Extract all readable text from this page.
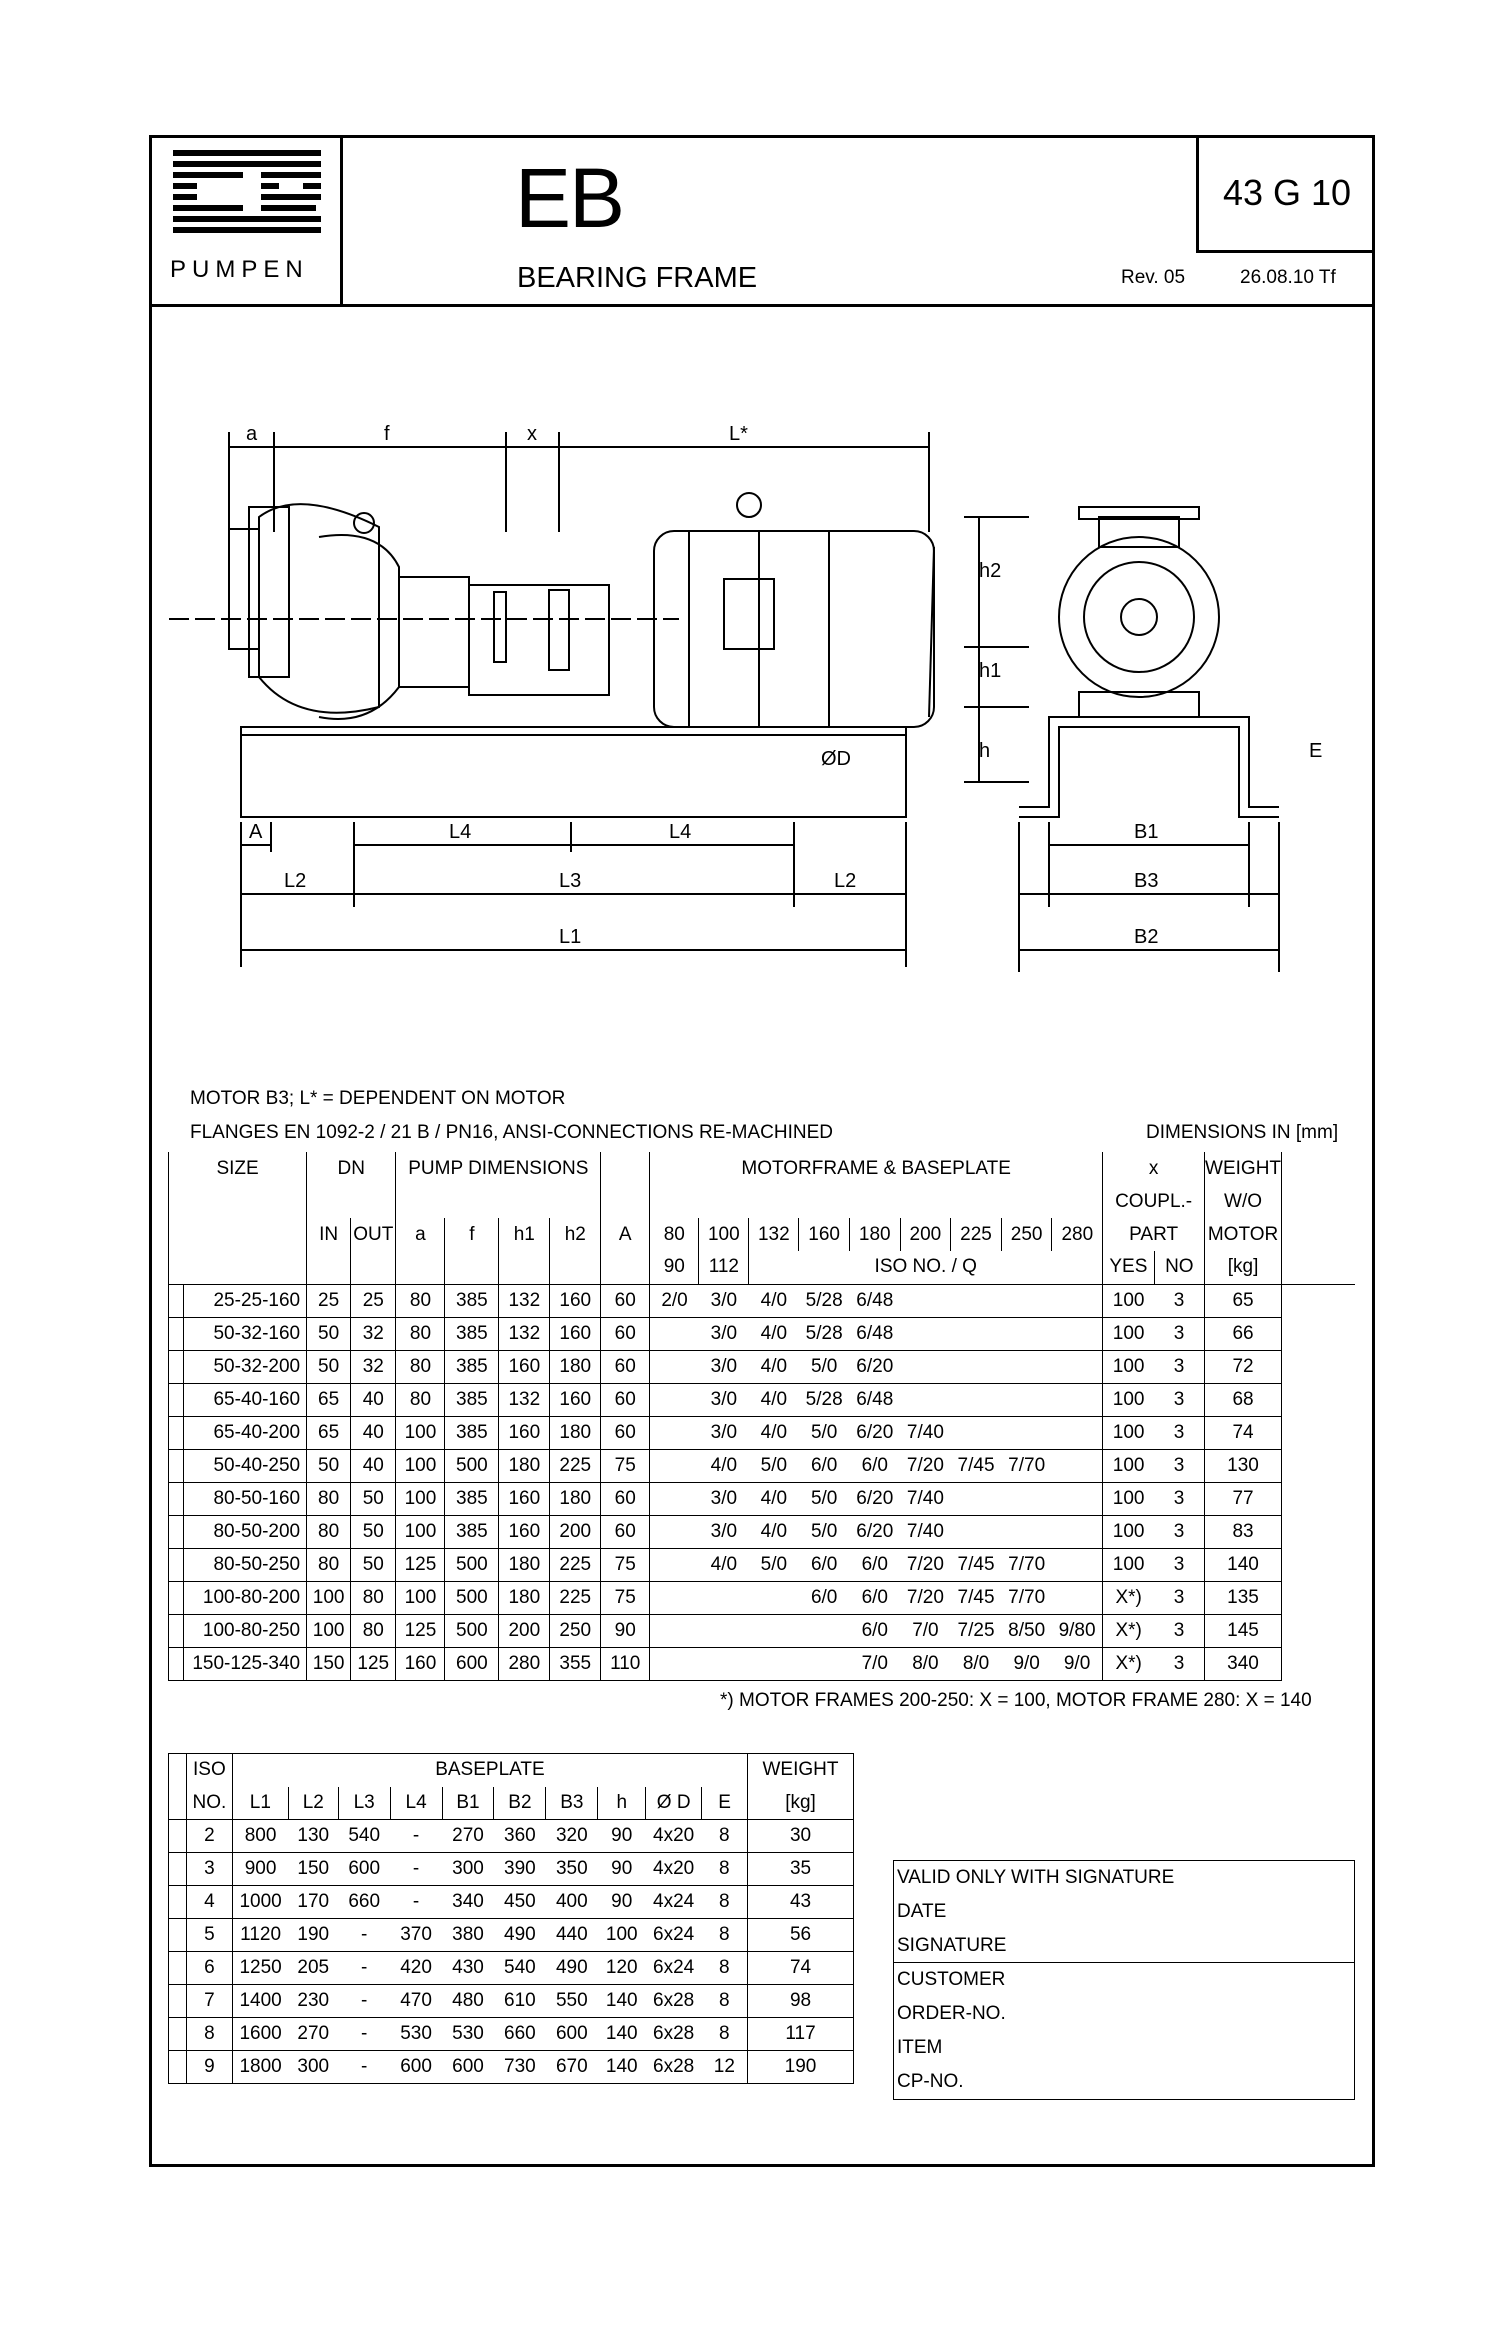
PUMPEN
EB
BEARING FRAME
43 G 10
Rev. 05	26.08.10 Tf
a	f	x	L*
A	L4	L4
L2	L3	L2
L1
ØD
h2
h1
h
B1
B3
B2
E
MOTOR B3; L* = DEPENDENT ON MOTOR
FLANGES EN 1092-2 / 21 B / PN16, ANSI-CONNECTIONS RE-MACHINED	DIMENSIONS IN [mm]
SIZE		DN		PUMP DIMENSIONS					MOTORFRAME & BASEPLATE									x		WEIGHT
																		COUPL.-		W/O
		IN	OUT	a	f	h1	h2	A	80	100	132	160	180	200	225	250	280	PART		MOTOR
									90	112	ISO NO. / Q							YES	NO	[kg]
	25-25-160	25	25	80	385	132	160	60	2/0	3/0	4/0	5/28	6/48					100	3	65
	50-32-160	50	32	80	385	132	160	60		3/0	4/0	5/28	6/48					100	3	66
	50-32-200	50	32	80	385	160	180	60		3/0	4/0	5/0	6/20					100	3	72
	65-40-160	65	40	80	385	132	160	60		3/0	4/0	5/28	6/48					100	3	68
	65-40-200	65	40	100	385	160	180	60		3/0	4/0	5/0	6/20	7/40				100	3	74
	50-40-250	50	40	100	500	180	225	75		4/0	5/0	6/0	6/0	7/20	7/45	7/70		100	3	130
	80-50-160	80	50	100	385	160	180	60		3/0	4/0	5/0	6/20	7/40				100	3	77
	80-50-200	80	50	100	385	160	200	60		3/0	4/0	5/0	6/20	7/40				100	3	83
	80-50-250	80	50	125	500	180	225	75		4/0	5/0	6/0	6/0	7/20	7/45	7/70		100	3	140
	100-80-200	100	80	100	500	180	225	75				6/0	6/0	7/20	7/45	7/70		X*)	3	135
	100-80-250	100	80	125	500	200	250	90					6/0	7/0	7/25	8/50	9/80	X*)	3	145
	150-125-340	150	125	160	600	280	355	110					7/0	8/0	8/0	9/0	9/0	X*)	3	340
*) MOTOR FRAMES 200-250: X = 100, MOTOR FRAME 280: X = 140
	ISO	BASEPLATE										WEIGHT
	NO.	L1	L2	L3	L4	B1	B2	B3	h	Ø D	E	[kg]
	2	800	130	540	-	270	360	320	90	4x20	8	30
	3	900	150	600	-	300	390	350	90	4x20	8	35
	4	1000	170	660	-	340	450	400	90	4x24	8	43
	5	1120	190	-	370	380	490	440	100	6x24	8	56
	6	1250	205	-	420	430	540	490	120	6x24	8	74
	7	1400	230	-	470	480	610	550	140	6x28	8	98
	8	1600	270	-	530	530	660	600	140	6x28	8	117
	9	1800	300	-	600	600	730	670	140	6x28	12	190
VALID ONLY WITH SIGNATURE
DATE
SIGNATURE
CUSTOMER
ORDER-NO.
ITEM
CP-NO.
